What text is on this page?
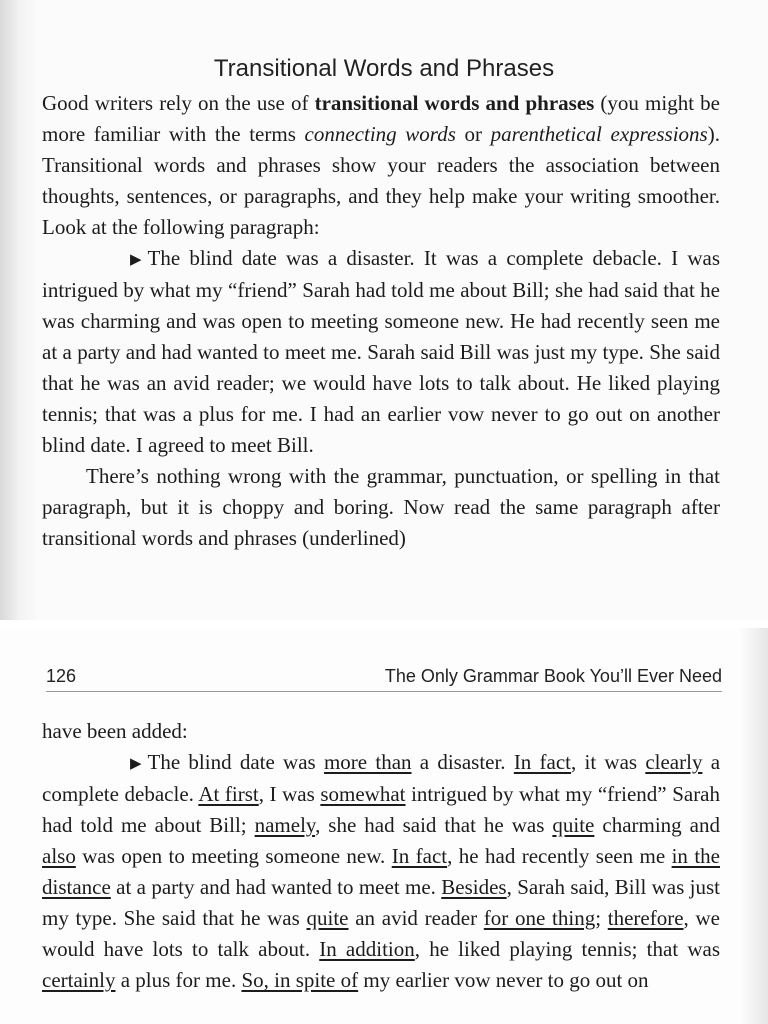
Transitional Words and Phrases

Good writers rely on the use of transitional words and phrases (you might be more familiar with the terms connecting words or parenthetical expressions). Transitional words and phrases show your readers the association between thoughts, sentences, or paragraphs, and they help make your writing smoother. Look at the following paragraph:

▶ The blind date was a disaster. It was a complete debacle. I was intrigued by what my “friend” Sarah had told me about Bill; she had said that he was charming and was open to meeting someone new. He had recently seen me at a party and had wanted to meet me. Sarah said Bill was just my type. She said that he was an avid reader; we would have lots to talk about. He liked playing tennis; that was a plus for me. I had an earlier vow never to go out on another blind date. I agreed to meet Bill.

There’s nothing wrong with the grammar, punctuation, or spelling in that paragraph, but it is choppy and boring. Now read the same paragraph after transitional words and phrases (underlined)

126	The Only Grammar Book You’ll Ever Need

have been added:

▶ The blind date was more than a disaster. In fact, it was clearly a complete debacle. At first, I was somewhat intrigued by what my “friend” Sarah had told me about Bill; namely, she had said that he was quite charming and also was open to meeting someone new. In fact, he had recently seen me in the distance at a party and had wanted to meet me. Besides, Sarah said, Bill was just my type. She said that he was quite an avid reader for one thing; therefore, we would have lots to talk about. In addition, he liked playing tennis; that was certainly a plus for me. So, in spite of my earlier vow never to go out on
